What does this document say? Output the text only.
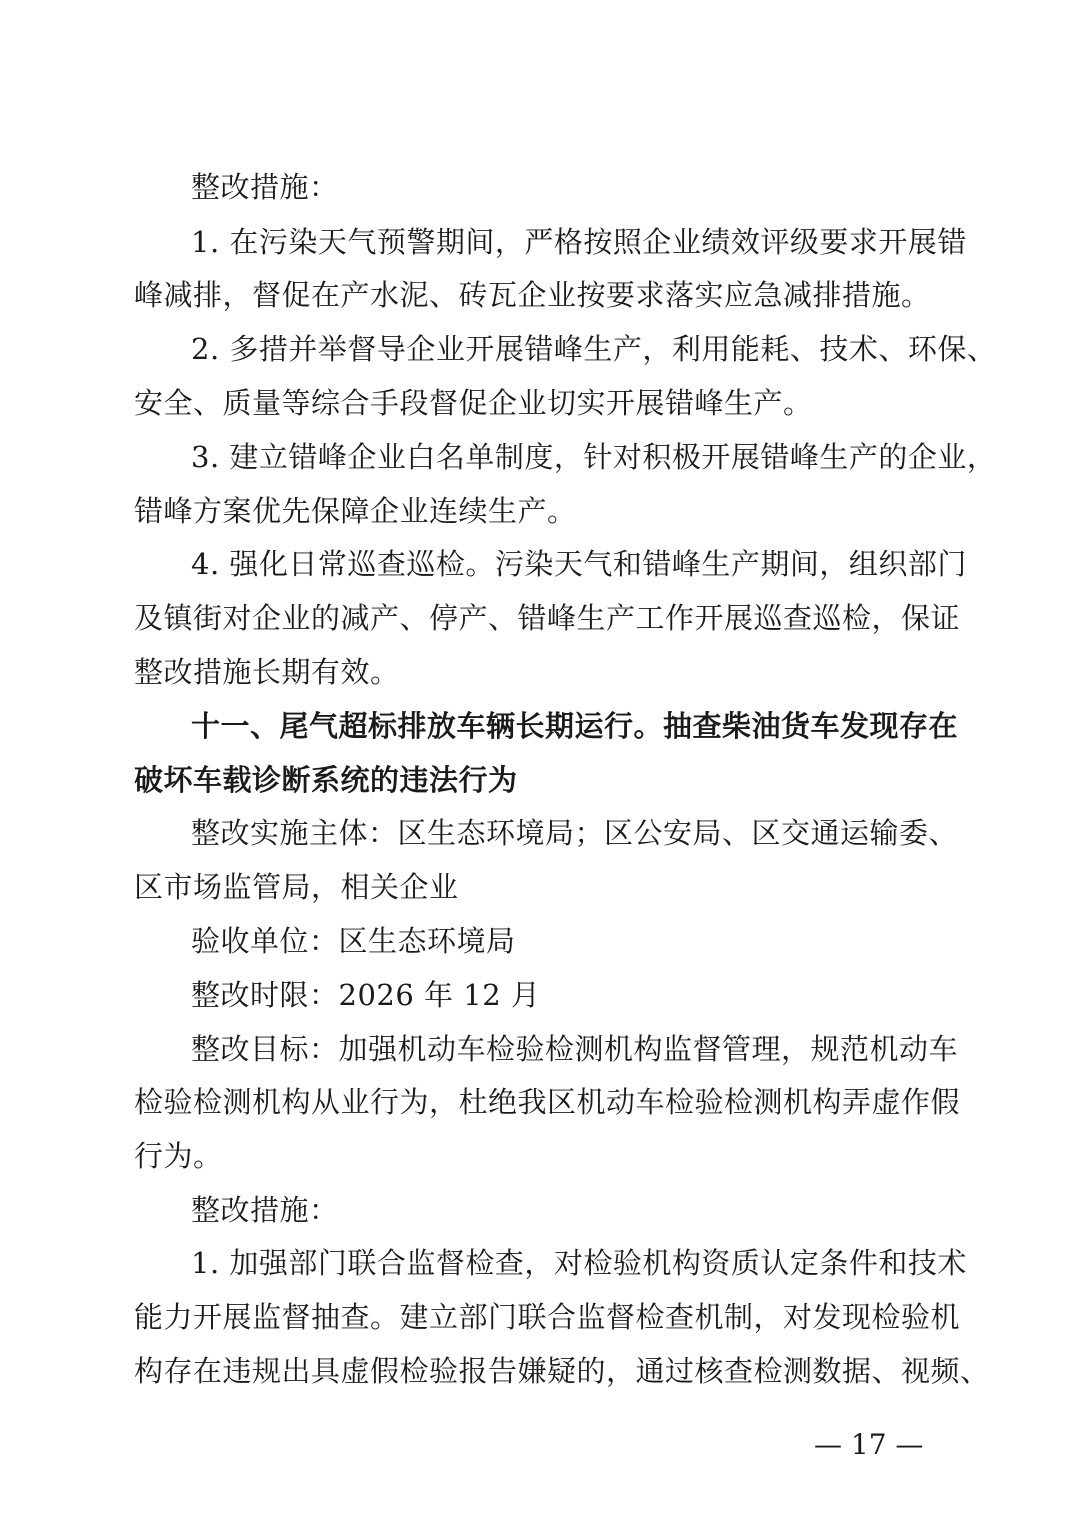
整改措施：
1. 在污染天气预警期间，严格按照企业绩效评级要求开展错
峰减排，督促在产水泥、砖瓦企业按要求落实应急减排措施。
2. 多措并举督导企业开展错峰生产，利用能耗、技术、环保、
安全、质量等综合手段督促企业切实开展错峰生产。
3. 建立错峰企业白名单制度，针对积极开展错峰生产的企业，
错峰方案优先保障企业连续生产。
4. 强化日常巡查巡检。污染天气和错峰生产期间，组织部门
及镇街对企业的减产、停产、错峰生产工作开展巡查巡检，保证
整改措施长期有效。
十一、尾气超标排放车辆长期运行。抽查柴油货车发现存在
破坏车载诊断系统的违法行为
整改实施主体：区生态环境局；区公安局、区交通运输委、
区市场监管局，相关企业
验收单位：区生态环境局
整改时限：2026 年 12 月
整改目标：加强机动车检验检测机构监督管理，规范机动车
检验检测机构从业行为，杜绝我区机动车检验检测机构弄虚作假
行为。
整改措施：
1. 加强部门联合监督检查，对检验机构资质认定条件和技术
能力开展监督抽查。建立部门联合监督检查机制，对发现检验机
构存在违规出具虚假检验报告嫌疑的，通过核查检测数据、视频、
— 17 —
